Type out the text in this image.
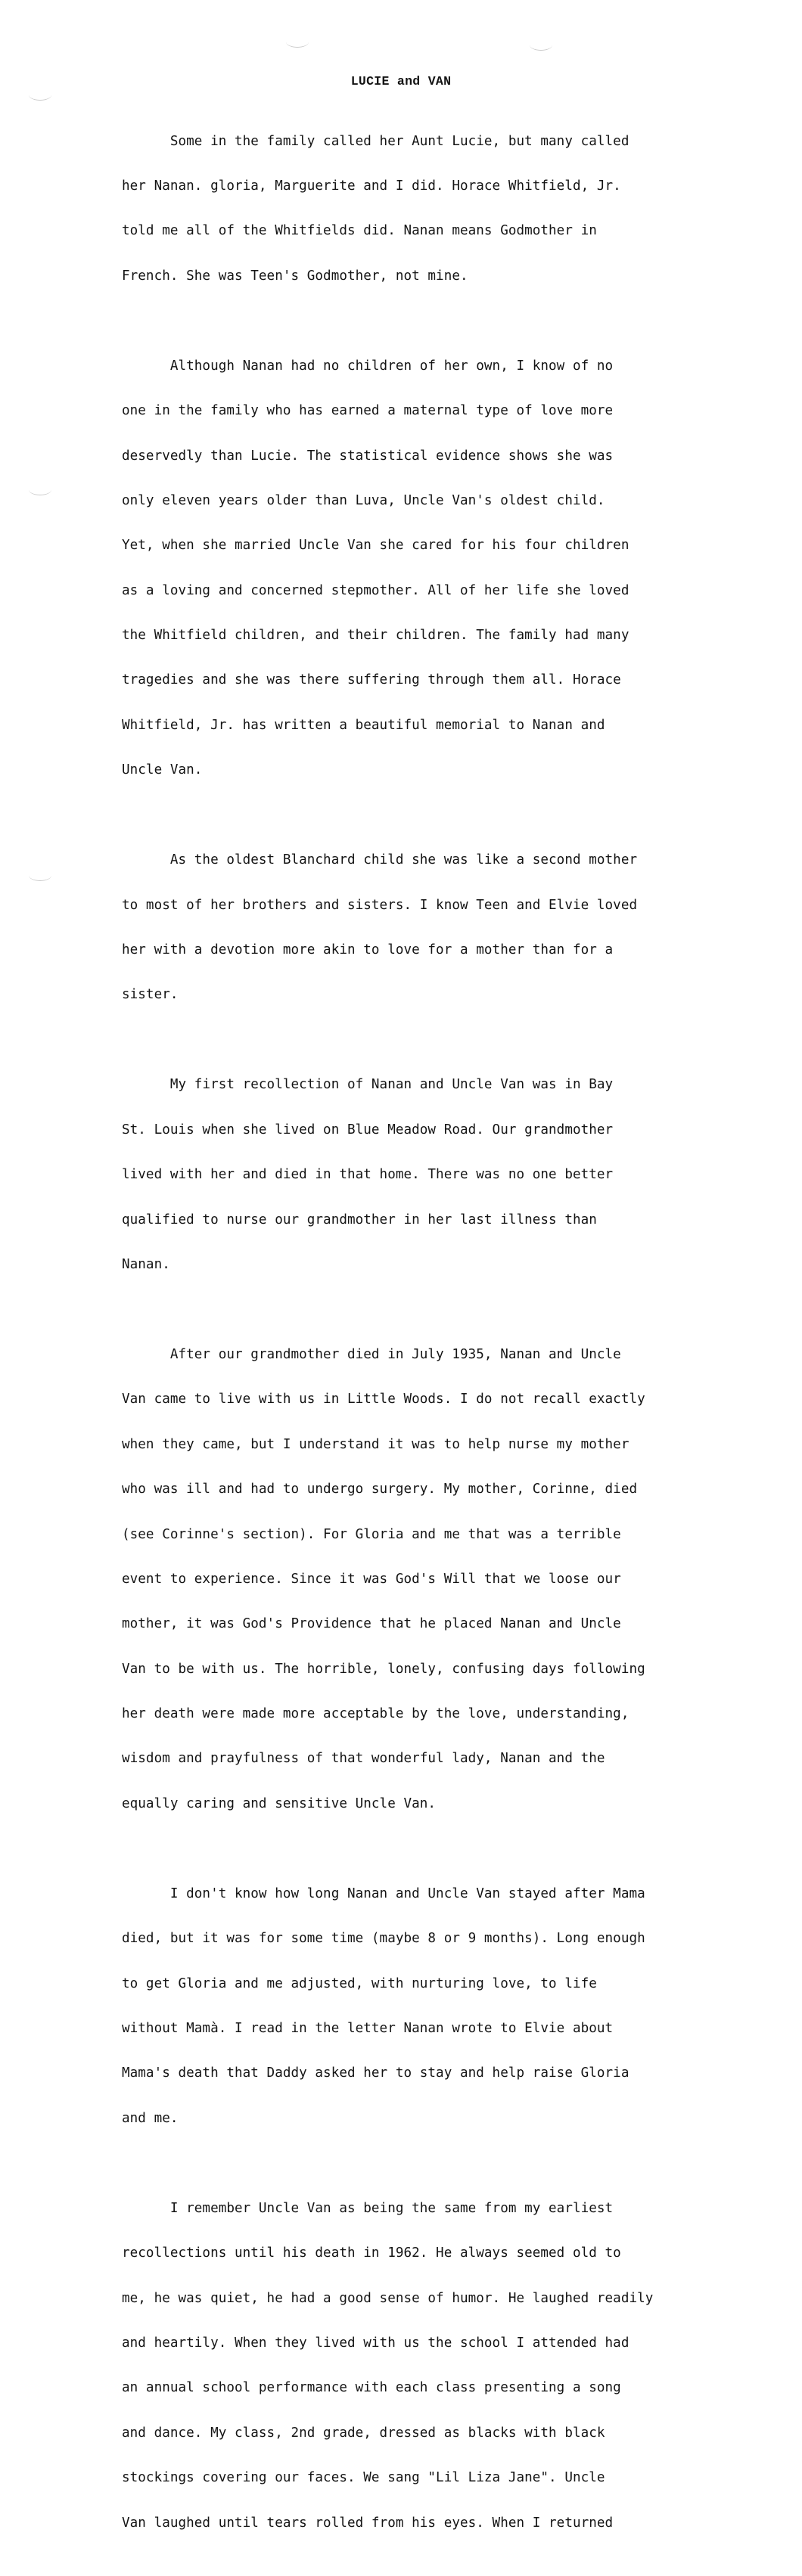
LUCIE and VAN

Some in the family called her Aunt Lucie, but many called

her Nanan. gloria, Marguerite and I did. Horace Whitfield, Jr.

told me all of the Whitfields did. Nanan means Godmother in

French. She was Teen's Godmother, not mine.

Although Nanan had no children of her own, I know of no

one in the family who has earned a maternal type of love more

deservedly than Lucie. The statistical evidence shows she was

only eleven years older than Luva, Uncle Van's oldest child.

Yet, when she married Uncle Van she cared for his four children

as a loving and concerned stepmother. All of her life she loved

the Whitfield children, and their children. The family had many

tragedies and she was there suffering through them all. Horace

Whitfield, Jr. has written a beautiful memorial to Nanan and

Uncle Van.

As the oldest Blanchard child she was like a second mother

to most of her brothers and sisters. I know Teen and Elvie loved

her with a devotion more akin to love for a mother than for a

sister.

My first recollection of Nanan and Uncle Van was in Bay

St. Louis when she lived on Blue Meadow Road. Our grandmother

lived with her and died in that home. There was no one better

qualified to nurse our grandmother in her last illness than

Nanan.

After our grandmother died in July 1935, Nanan and Uncle

Van came to live with us in Little Woods. I do not recall exactly

when they came, but I understand it was to help nurse my mother

who was ill and had to undergo surgery. My mother, Corinne, died

(see Corinne's section). For Gloria and me that was a terrible

event to experience. Since it was God's Will that we loose our

mother, it was God's Providence that he placed Nanan and Uncle

Van to be with us. The horrible, lonely, confusing days following

her death were made more acceptable by the love, understanding,

wisdom and prayfulness of that wonderful lady, Nanan and the

equally caring and sensitive Uncle Van.

I don't know how long Nanan and Uncle Van stayed after Mama

died, but it was for some time (maybe 8 or 9 months). Long enough

to get Gloria and me adjusted, with nurturing love, to life

without Mamà. I read in the letter Nanan wrote to Elvie about

Mama's death that Daddy asked her to stay and help raise Gloria

and me.

I remember Uncle Van as being the same from my earliest

recollections until his death in 1962. He always seemed old to

me, he was quiet, he had a good sense of humor. He laughed readily

and heartily. When they lived with us the school I attended had

an annual school performance with each class presenting a song

and dance. My class, 2nd grade, dressed as blacks with black

stockings covering our faces. We sang "Lil Liza Jane". Uncle

Van laughed until tears rolled from his eyes. When I returned
